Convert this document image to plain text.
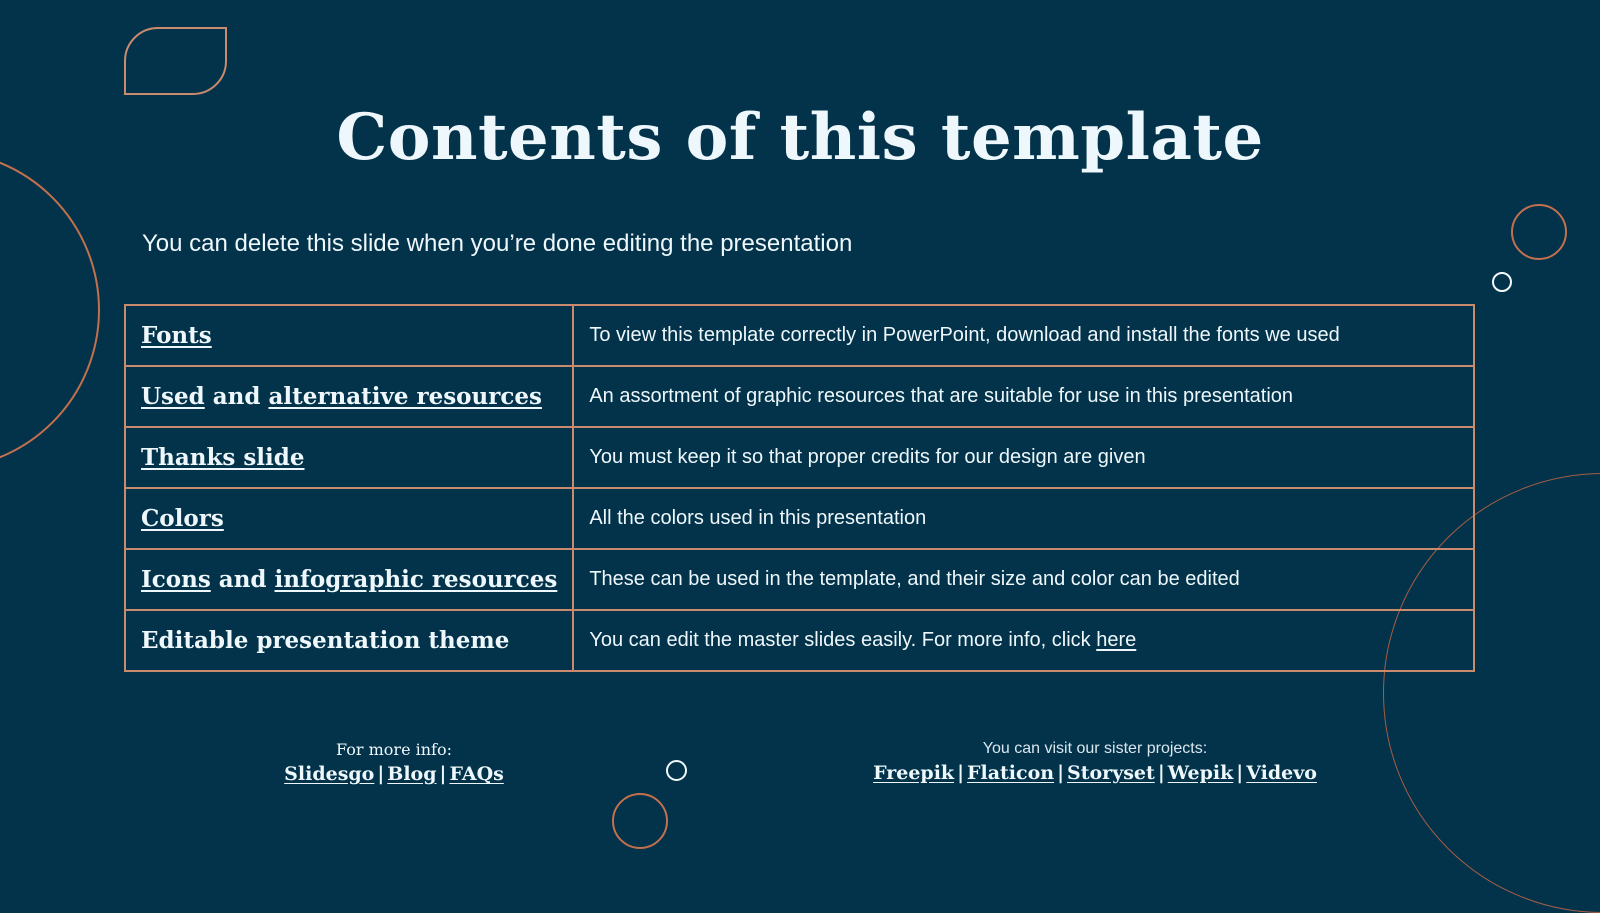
Contents of this template

You can delete this slide when you’re done editing the presentation

Fonts	To view this template correctly in PowerPoint, download and install the fonts we used
Used and alternative resources	An assortment of graphic resources that are suitable for use in this presentation
Thanks slide	You must keep it so that proper credits for our design are given
Colors	All the colors used in this presentation
Icons and infographic resources	These can be used in the template, and their size and color can be edited
Editable presentation theme	You can edit the master slides easily. For more info, click here
For more info:
Slidesgo | Blog | FAQs
You can visit our sister projects:
Freepik | Flaticon | Storyset | Wepik | Videvo
